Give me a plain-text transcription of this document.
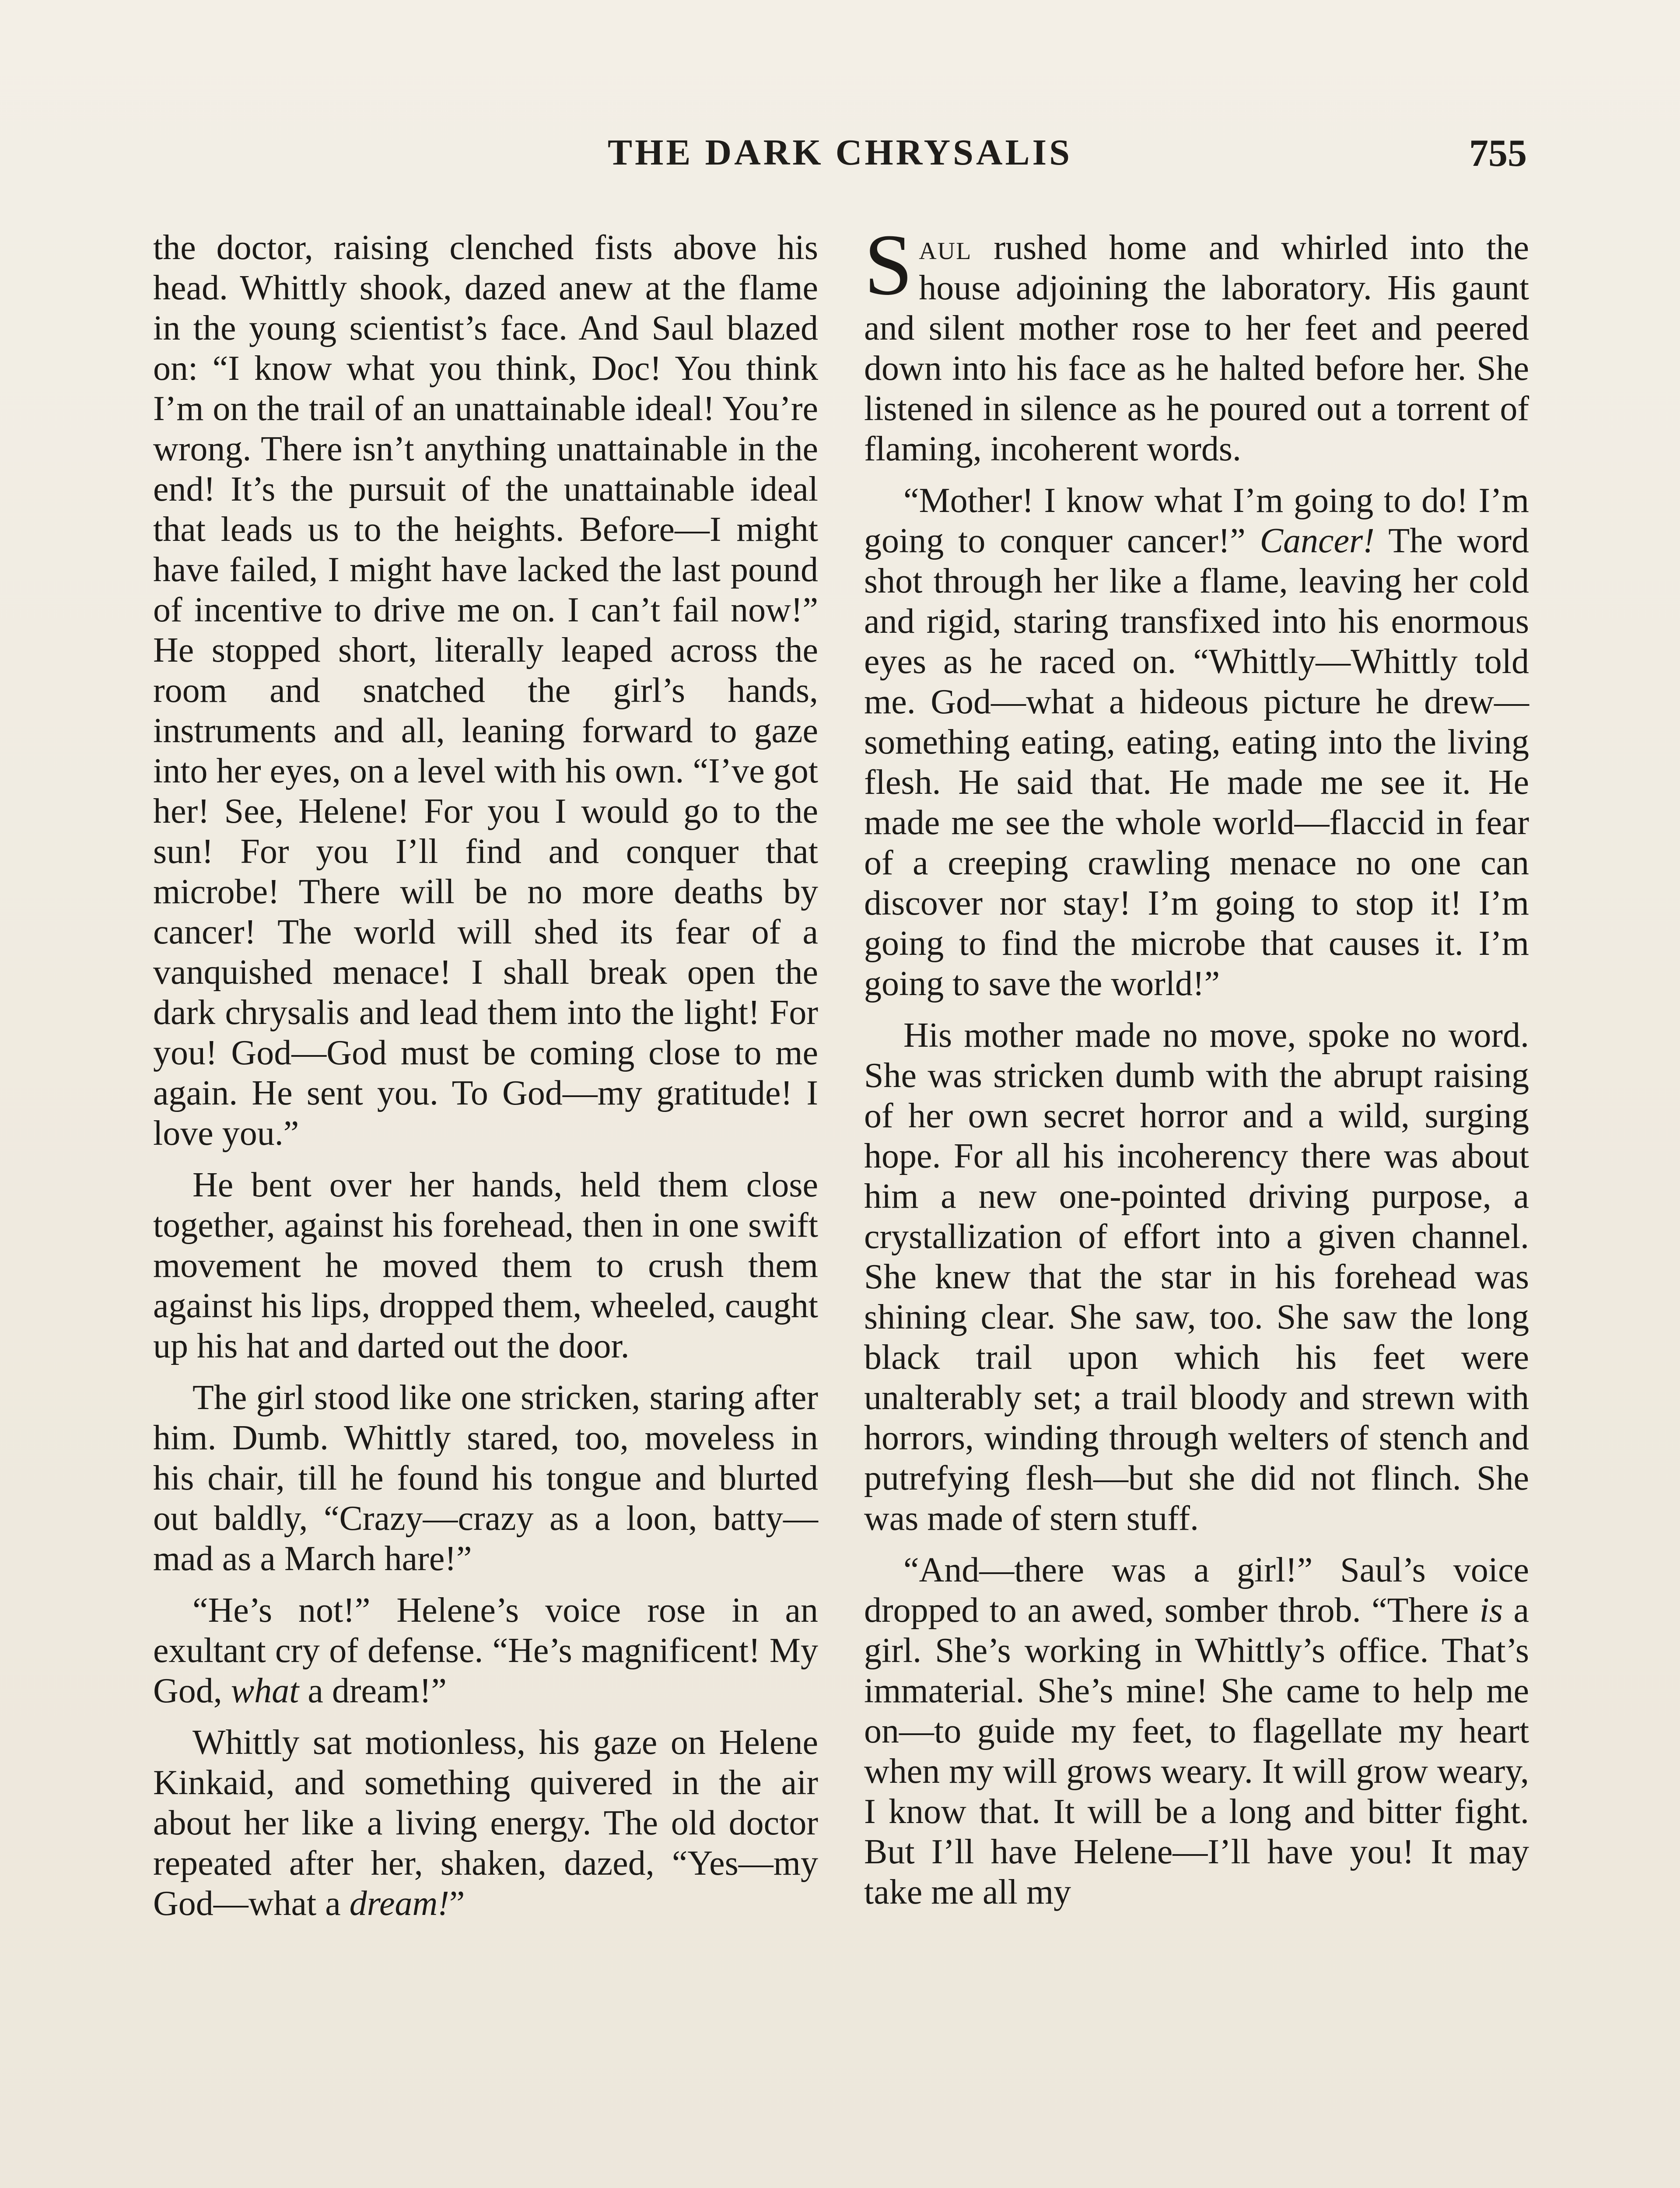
THE DARK CHRYSALIS	755

the doctor, raising clenched fists above his head. Whittly shook, dazed anew at the flame in the young scientist’s face. And Saul blazed on: “I know what you think, Doc! You think I’m on the trail of an unattainable ideal! You’re wrong. There isn’t anything unattainable in the end! It’s the pursuit of the unattainable ideal that leads us to the heights. Before—I might have failed, I might have lacked the last pound of incentive to drive me on. I can’t fail now!” He stopped short, literally leaped across the room and snatched the girl’s hands, instruments and all, leaning forward to gaze into her eyes, on a level with his own. “I’ve got her! See, Helene! For you I would go to the sun! For you I’ll find and conquer that microbe! There will be no more deaths by cancer! The world will shed its fear of a vanquished menace! I shall break open the dark chrysalis and lead them into the light! For you! God—God must be coming close to me again. He sent you. To God—my gratitude! I love you.”

He bent over her hands, held them close together, against his forehead, then in one swift movement he moved them to crush them against his lips, dropped them, wheeled, caught up his hat and darted out the door.

The girl stood like one stricken, staring after him. Dumb. Whittly stared, too, moveless in his chair, till he found his tongue and blurted out baldly, “Crazy—crazy as a loon, batty—mad as a March hare!”

“He’s not!” Helene’s voice rose in an exultant cry of defense. “He’s magnificent! My God, what a dream!”

Whittly sat motionless, his gaze on Helene Kinkaid, and something quivered in the air about her like a living energy. The old doctor repeated after her, shaken, dazed, “Yes—my God—what a dream!”

Saul rushed home and whirled into the house adjoining the laboratory. His gaunt and silent mother rose to her feet and peered down into his face as he halted before her. She listened in silence as he poured out a torrent of flaming, incoherent words.

“Mother! I know what I’m going to do! I’m going to conquer cancer!” Cancer! The word shot through her like a flame, leaving her cold and rigid, staring transfixed into his enormous eyes as he raced on. “Whittly—Whittly told me. God—what a hideous picture he drew—something eating, eating, eating into the living flesh. He said that. He made me see it. He made me see the whole world—flaccid in fear of a creeping crawling menace no one can discover nor stay! I’m going to stop it! I’m going to find the microbe that causes it. I’m going to save the world!”

His mother made no move, spoke no word. She was stricken dumb with the abrupt raising of her own secret horror and a wild, surging hope. For all his incoherency there was about him a new one-pointed driving purpose, a crystallization of effort into a given channel. She knew that the star in his forehead was shining clear. She saw, too. She saw the long black trail upon which his feet were unalterably set; a trail bloody and strewn with horrors, winding through welters of stench and putrefying flesh—but she did not flinch. She was made of stern stuff.

“And—there was a girl!” Saul’s voice dropped to an awed, somber throb. “There is a girl. She’s working in Whittly’s office. That’s immaterial. She’s mine! She came to help me on—to guide my feet, to flagellate my heart when my will grows weary. It will grow weary, I know that. It will be a long and bitter fight. But I’ll have Helene—I’ll have you! It may take me all my
